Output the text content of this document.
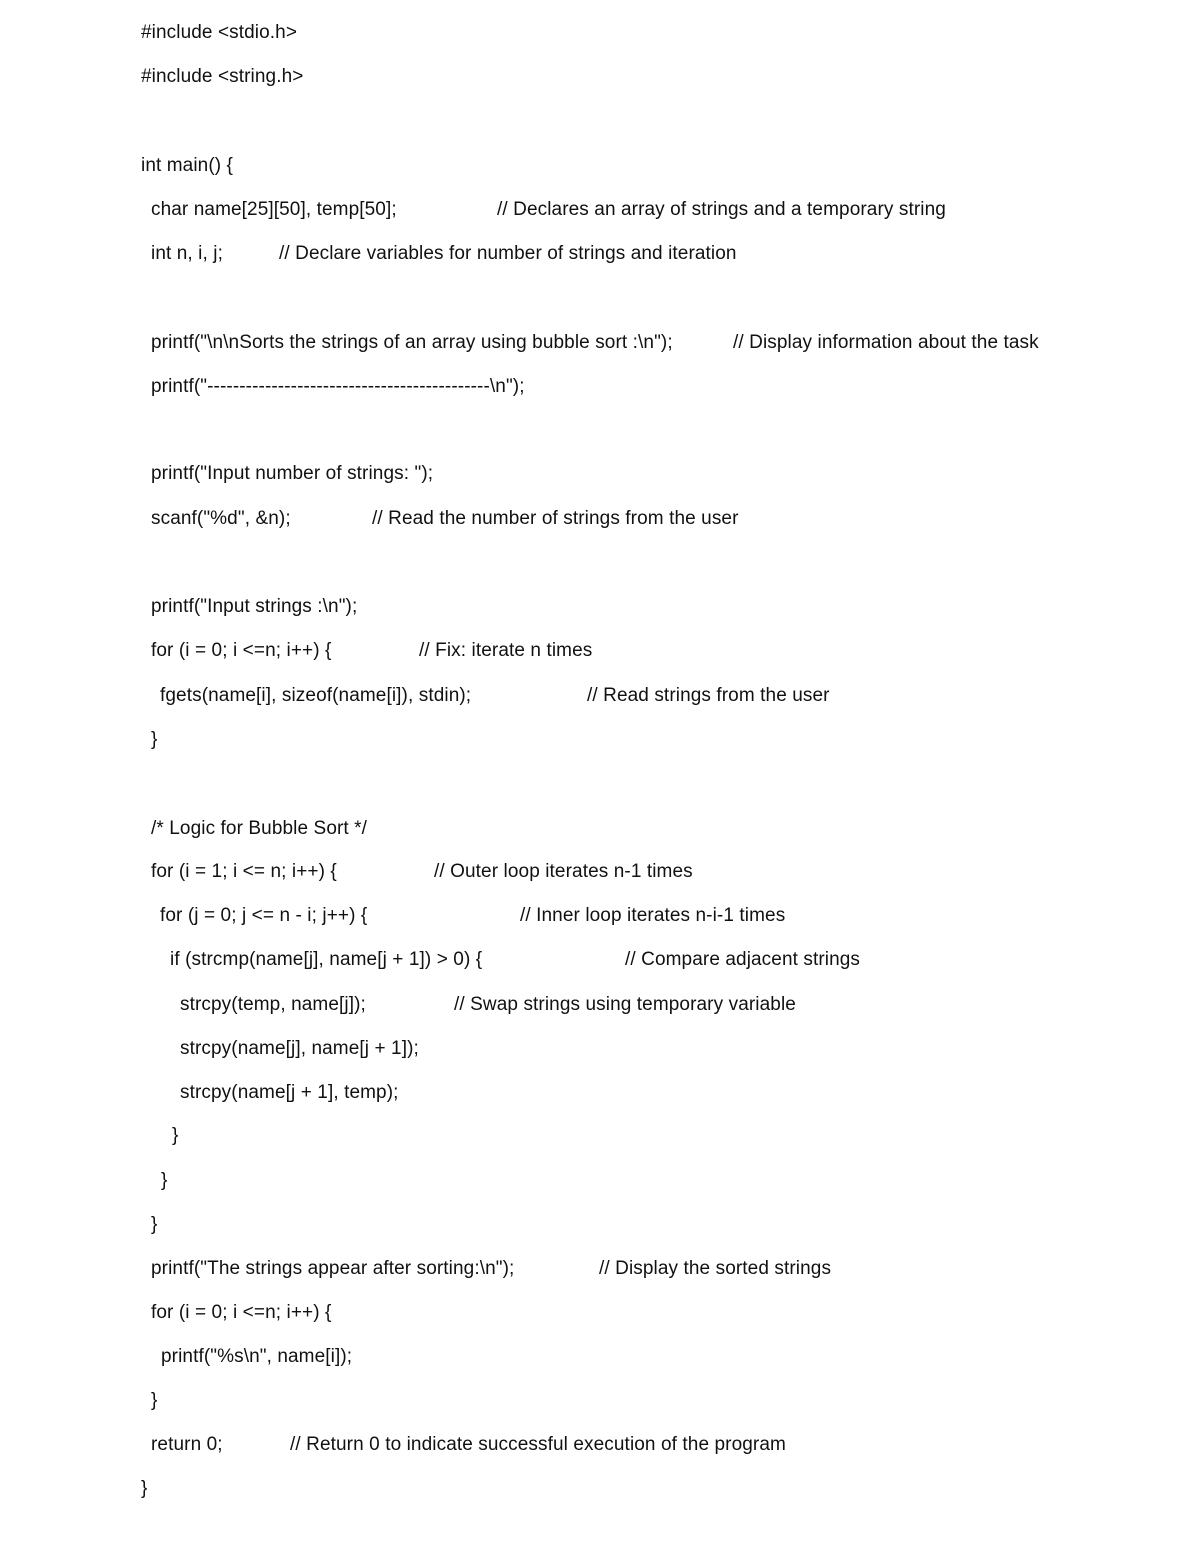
#include <stdio.h>

#include <string.h>

int main() {

char name[25][50], temp[50];

	// Declares an array of strings and a temporary string

int n, i, j;

	// Declare variables for number of strings and iteration

printf("\n\nSorts the strings of an array using bubble sort :\n");

	// Display information about the task

printf("--------------------------------------------\n");

printf("Input number of strings: ");

scanf("%d", &n);

	// Read the number of strings from the user

printf("Input strings :\n");

for (i = 0; i <=n; i++) {

	// Fix: iterate n times

fgets(name[i], sizeof(name[i]), stdin);

	// Read strings from the user

}

/* Logic for Bubble Sort */

for (i = 1; i <= n; i++) {

	// Outer loop iterates n-1 times

for (j = 0; j <= n - i; j++) {

	// Inner loop iterates n-i-1 times

if (strcmp(name[j], name[j + 1]) > 0) {

	// Compare adjacent strings

strcpy(temp, name[j]);

	// Swap strings using temporary variable

strcpy(name[j], name[j + 1]);

strcpy(name[j + 1], temp);

}

}

}

printf("The strings appear after sorting:\n");

	// Display the sorted strings

for (i = 0; i <=n; i++) {

printf("%s\n", name[i]);

}

return 0;

	// Return 0 to indicate successful execution of the program

}
